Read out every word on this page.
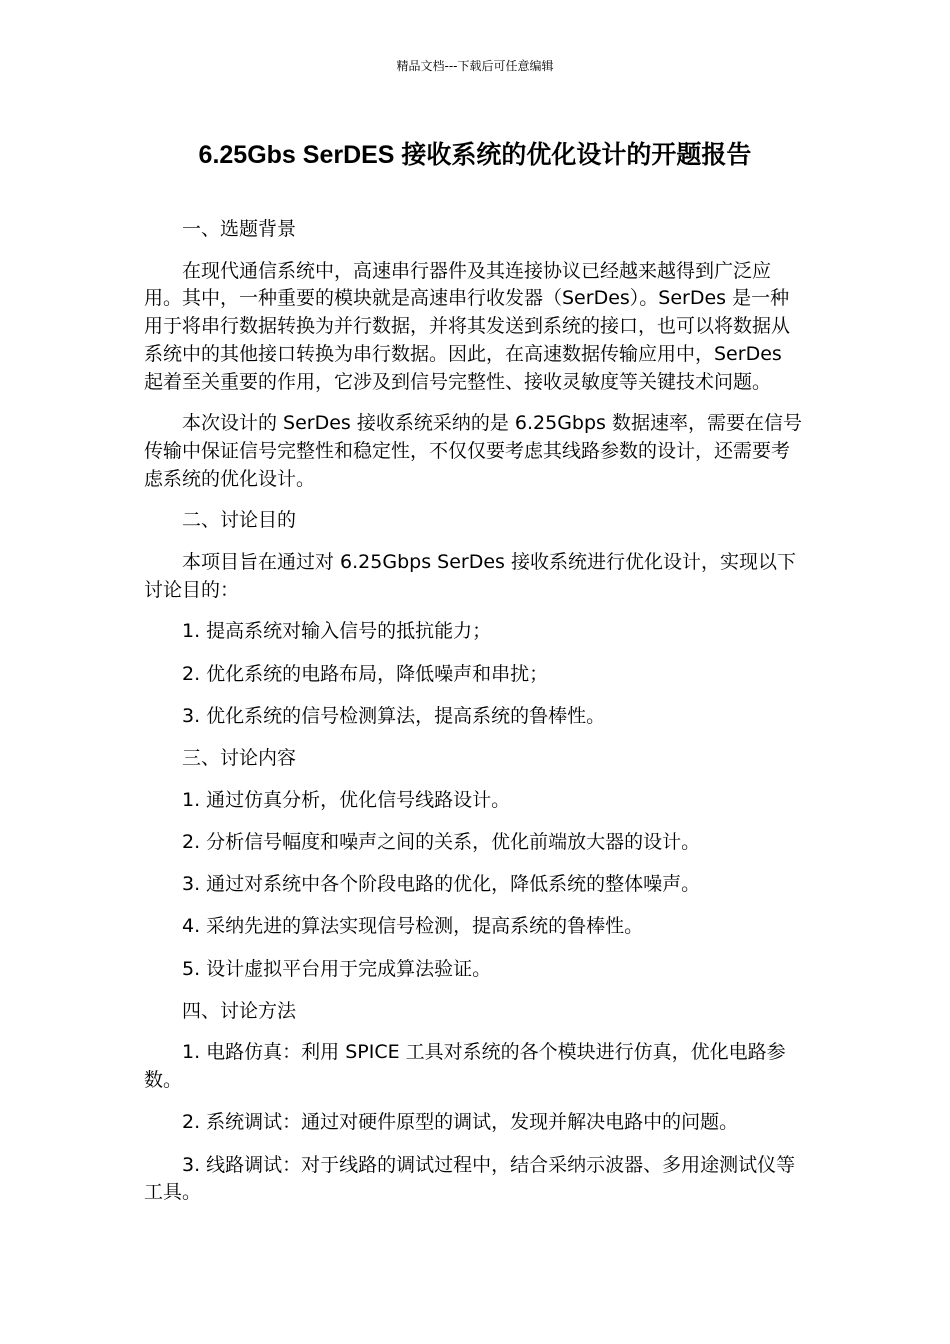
精品文档---下载后可任意编辑
6.25Gbs SerDES 接收系统的优化设计的开题报告

一、选题背景

在现代通信系统中，高速串行器件及其连接协议已经越来越得到广泛应用。其中，一种重要的模块就是高速串行收发器（SerDes）。SerDes 是一种用于将串行数据转换为并行数据，并将其发送到系统的接口，也可以将数据从系统中的其他接口转换为串行数据。因此，在高速数据传输应用中，SerDes 起着至关重要的作用，它涉及到信号完整性、接收灵敏度等关键技术问题。

本次设计的 SerDes 接收系统采纳的是 6.25Gbps 数据速率，需要在信号传输中保证信号完整性和稳定性，不仅仅要考虑其线路参数的设计，还需要考虑系统的优化设计。

二、讨论目的

本项目旨在通过对 6.25Gbps SerDes 接收系统进行优化设计，实现以下讨论目的：

1. 提高系统对输入信号的抵抗能力；

2. 优化系统的电路布局，降低噪声和串扰；

3. 优化系统的信号检测算法，提高系统的鲁棒性。

三、讨论内容

1. 通过仿真分析，优化信号线路设计。

2. 分析信号幅度和噪声之间的关系，优化前端放大器的设计。

3. 通过对系统中各个阶段电路的优化，降低系统的整体噪声。

4. 采纳先进的算法实现信号检测，提高系统的鲁棒性。

5. 设计虚拟平台用于完成算法验证。

四、讨论方法

1. 电路仿真：利用 SPICE 工具对系统的各个模块进行仿真，优化电路参数。

2. 系统调试：通过对硬件原型的调试，发现并解决电路中的问题。

3. 线路调试：对于线路的调试过程中，结合采纳示波器、多用途测试仪等工具。
